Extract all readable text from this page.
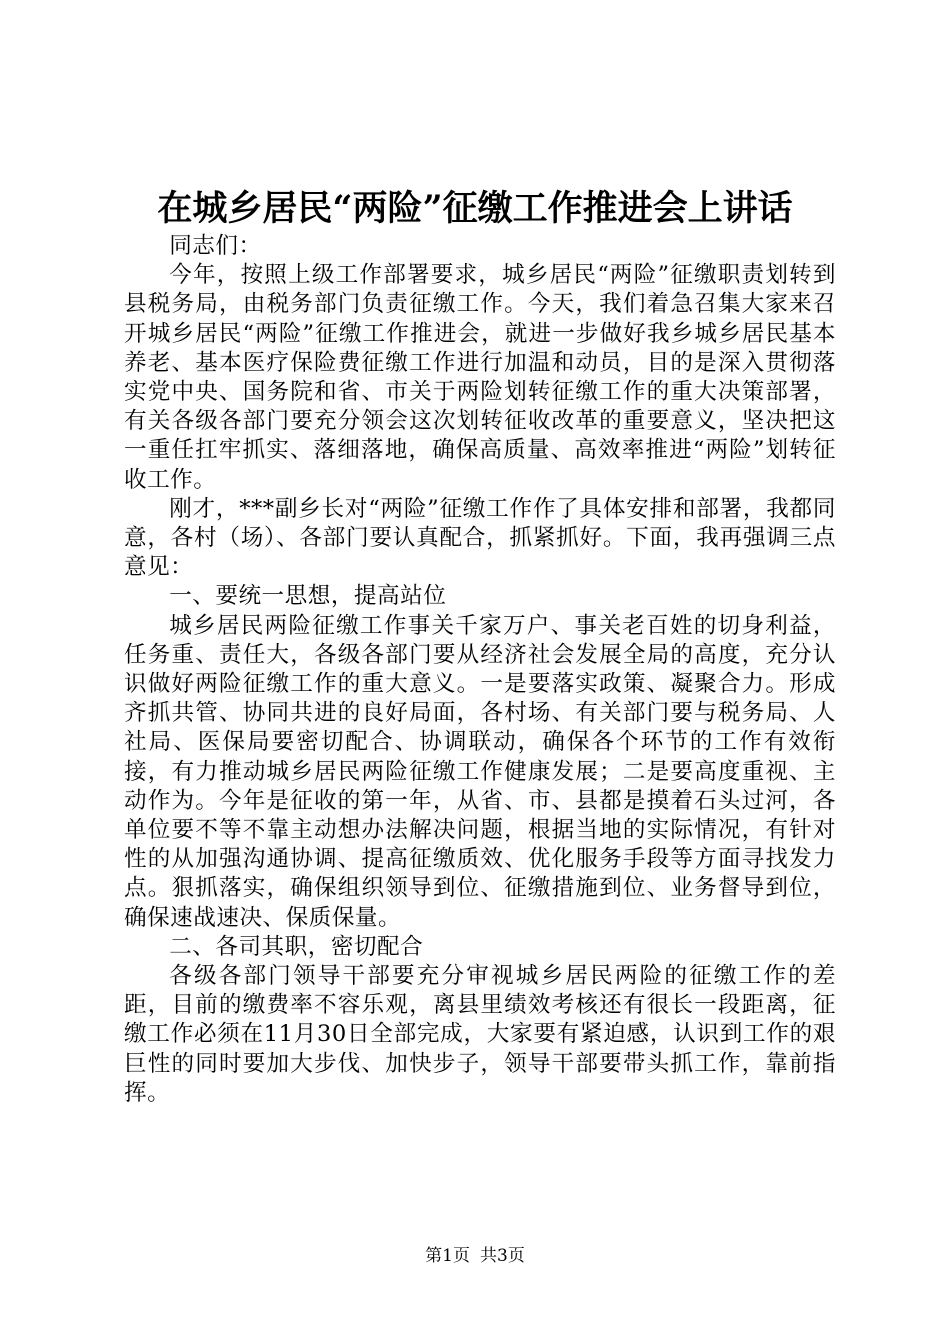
在城乡居民“两险”征缴工作推进会上讲话

同志们：

今年，按照上级工作部署要求，城乡居民“两险”征缴职责划转到县税务局，由税务部门负责征缴工作。今天，我们着急召集大家来召开城乡居民“两险”征缴工作推进会，就进一步做好我乡城乡居民基本养老、基本医疗保险费征缴工作进行加温和动员，目的是深入贯彻落实党中央、国务院和省、市关于两险划转征缴工作的重大决策部署，有关各级各部门要充分领会这次划转征收改革的重要意义，坚决把这一重任扛牢抓实、落细落地，确保高质量、高效率推进“两险”划转征收工作。

刚才，***副乡长对“两险”征缴工作作了具体安排和部署，我都同意，各村（场）、各部门要认真配合，抓紧抓好。下面，我再强调三点意见：

一、要统一思想，提高站位

城乡居民两险征缴工作事关千家万户、事关老百姓的切身利益，任务重、责任大，各级各部门要从经济社会发展全局的高度，充分认识做好两险征缴工作的重大意义。一是要落实政策、凝聚合力。形成齐抓共管、协同共进的良好局面，各村场、有关部门要与税务局、人社局、医保局要密切配合、协调联动，确保各个环节的工作有效衔接，有力推动城乡居民两险征缴工作健康发展；二是要高度重视、主动作为。今年是征收的第一年，从省、市、县都是摸着石头过河，各单位要不等不靠主动想办法解决问题，根据当地的实际情况，有针对性的从加强沟通协调、提高征缴质效、优化服务手段等方面寻找发力点。狠抓落实，确保组织领导到位、征缴措施到位、业务督导到位，确保速战速决、保质保量。

二、各司其职，密切配合

各级各部门领导干部要充分审视城乡居民两险的征缴工作的差距，目前的缴费率不容乐观，离县里绩效考核还有很长一段距离，征缴工作必须在11月30日全部完成，大家要有紧迫感，认识到工作的艰巨性的同时要加大步伐、加快步子，领导干部要带头抓工作，靠前指挥。

第1页 共3页
